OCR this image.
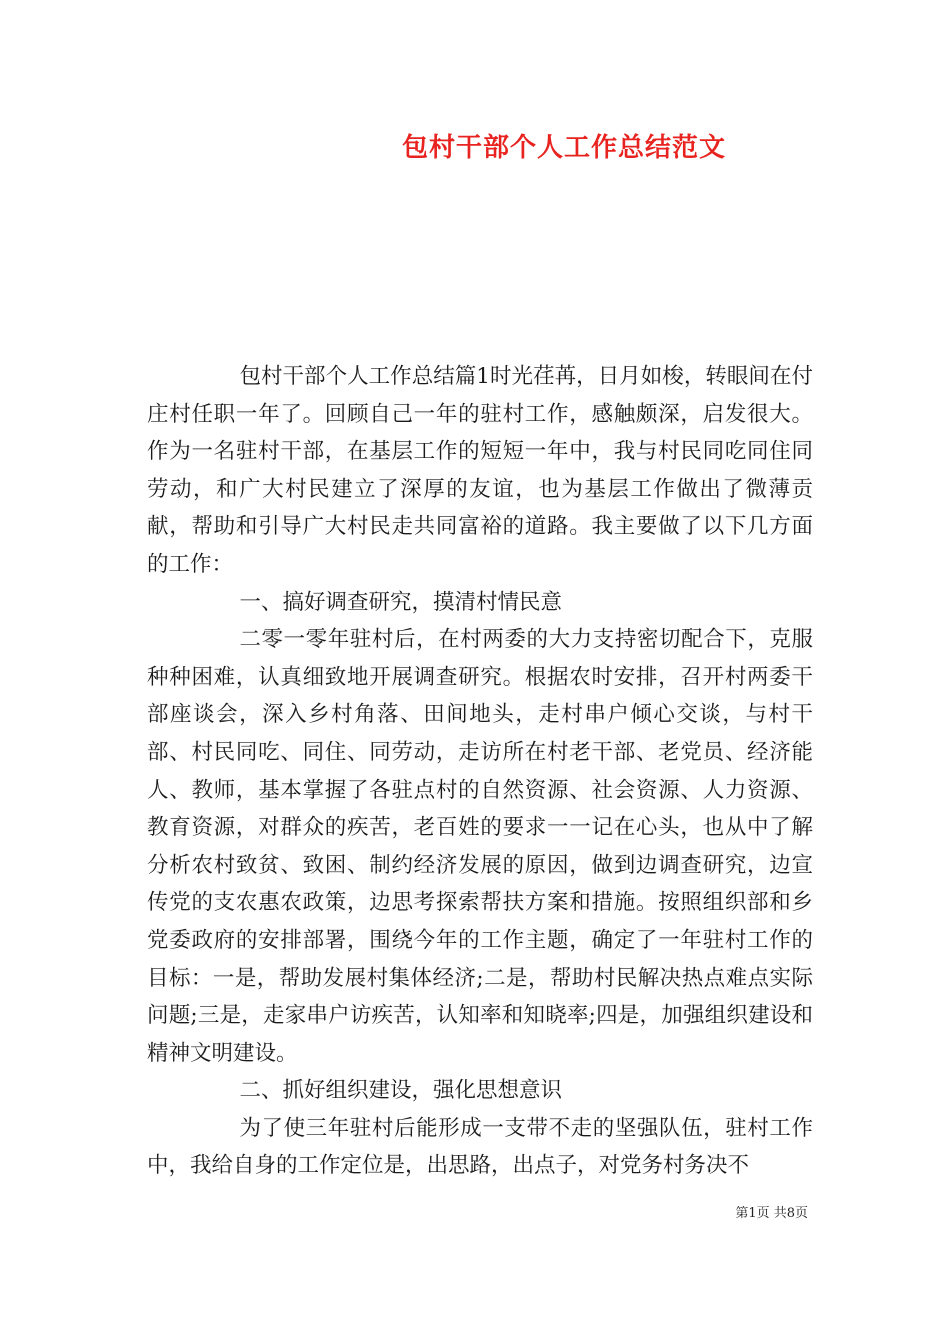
包村干部个人工作总结范文

包村干部个人工作总结篇1时光荏苒，日月如梭，转眼间在付庄村任职一年了。回顾自己一年的驻村工作，感触颇深，启发很大。作为一名驻村干部，在基层工作的短短一年中，我与村民同吃同住同劳动，和广大村民建立了深厚的友谊，也为基层工作做出了微薄贡献，帮助和引导广大村民走共同富裕的道路。我主要做了以下几方面的工作：

一、搞好调查研究，摸清村情民意

二零一零年驻村后，在村两委的大力支持密切配合下，克服种种困难，认真细致地开展调查研究。根据农时安排，召开村两委干部座谈会，深入乡村角落、田间地头，走村串户倾心交谈，与村干部、村民同吃、同住、同劳动，走访所在村老干部、老党员、经济能人、教师，基本掌握了各驻点村的自然资源、社会资源、人力资源、教育资源，对群众的疾苦，老百姓的要求一一记在心头，也从中了解分析农村致贫、致困、制约经济发展的原因，做到边调查研究，边宣传党的支农惠农政策，边思考探索帮扶方案和措施。按照组织部和乡党委政府的安排部署，围绕今年的工作主题，确定了一年驻村工作的目标：一是，帮助发展村集体经济;二是，帮助村民解决热点难点实际问题;三是，走家串户访疾苦，认知率和知晓率;四是，加强组织建设和精神文明建设。

二、抓好组织建设，强化思想意识

为了使三年驻村后能形成一支带不走的坚强队伍，驻村工作中，我给自身的工作定位是，出思路，出点子，对党务村务决不

第1页 共8页
